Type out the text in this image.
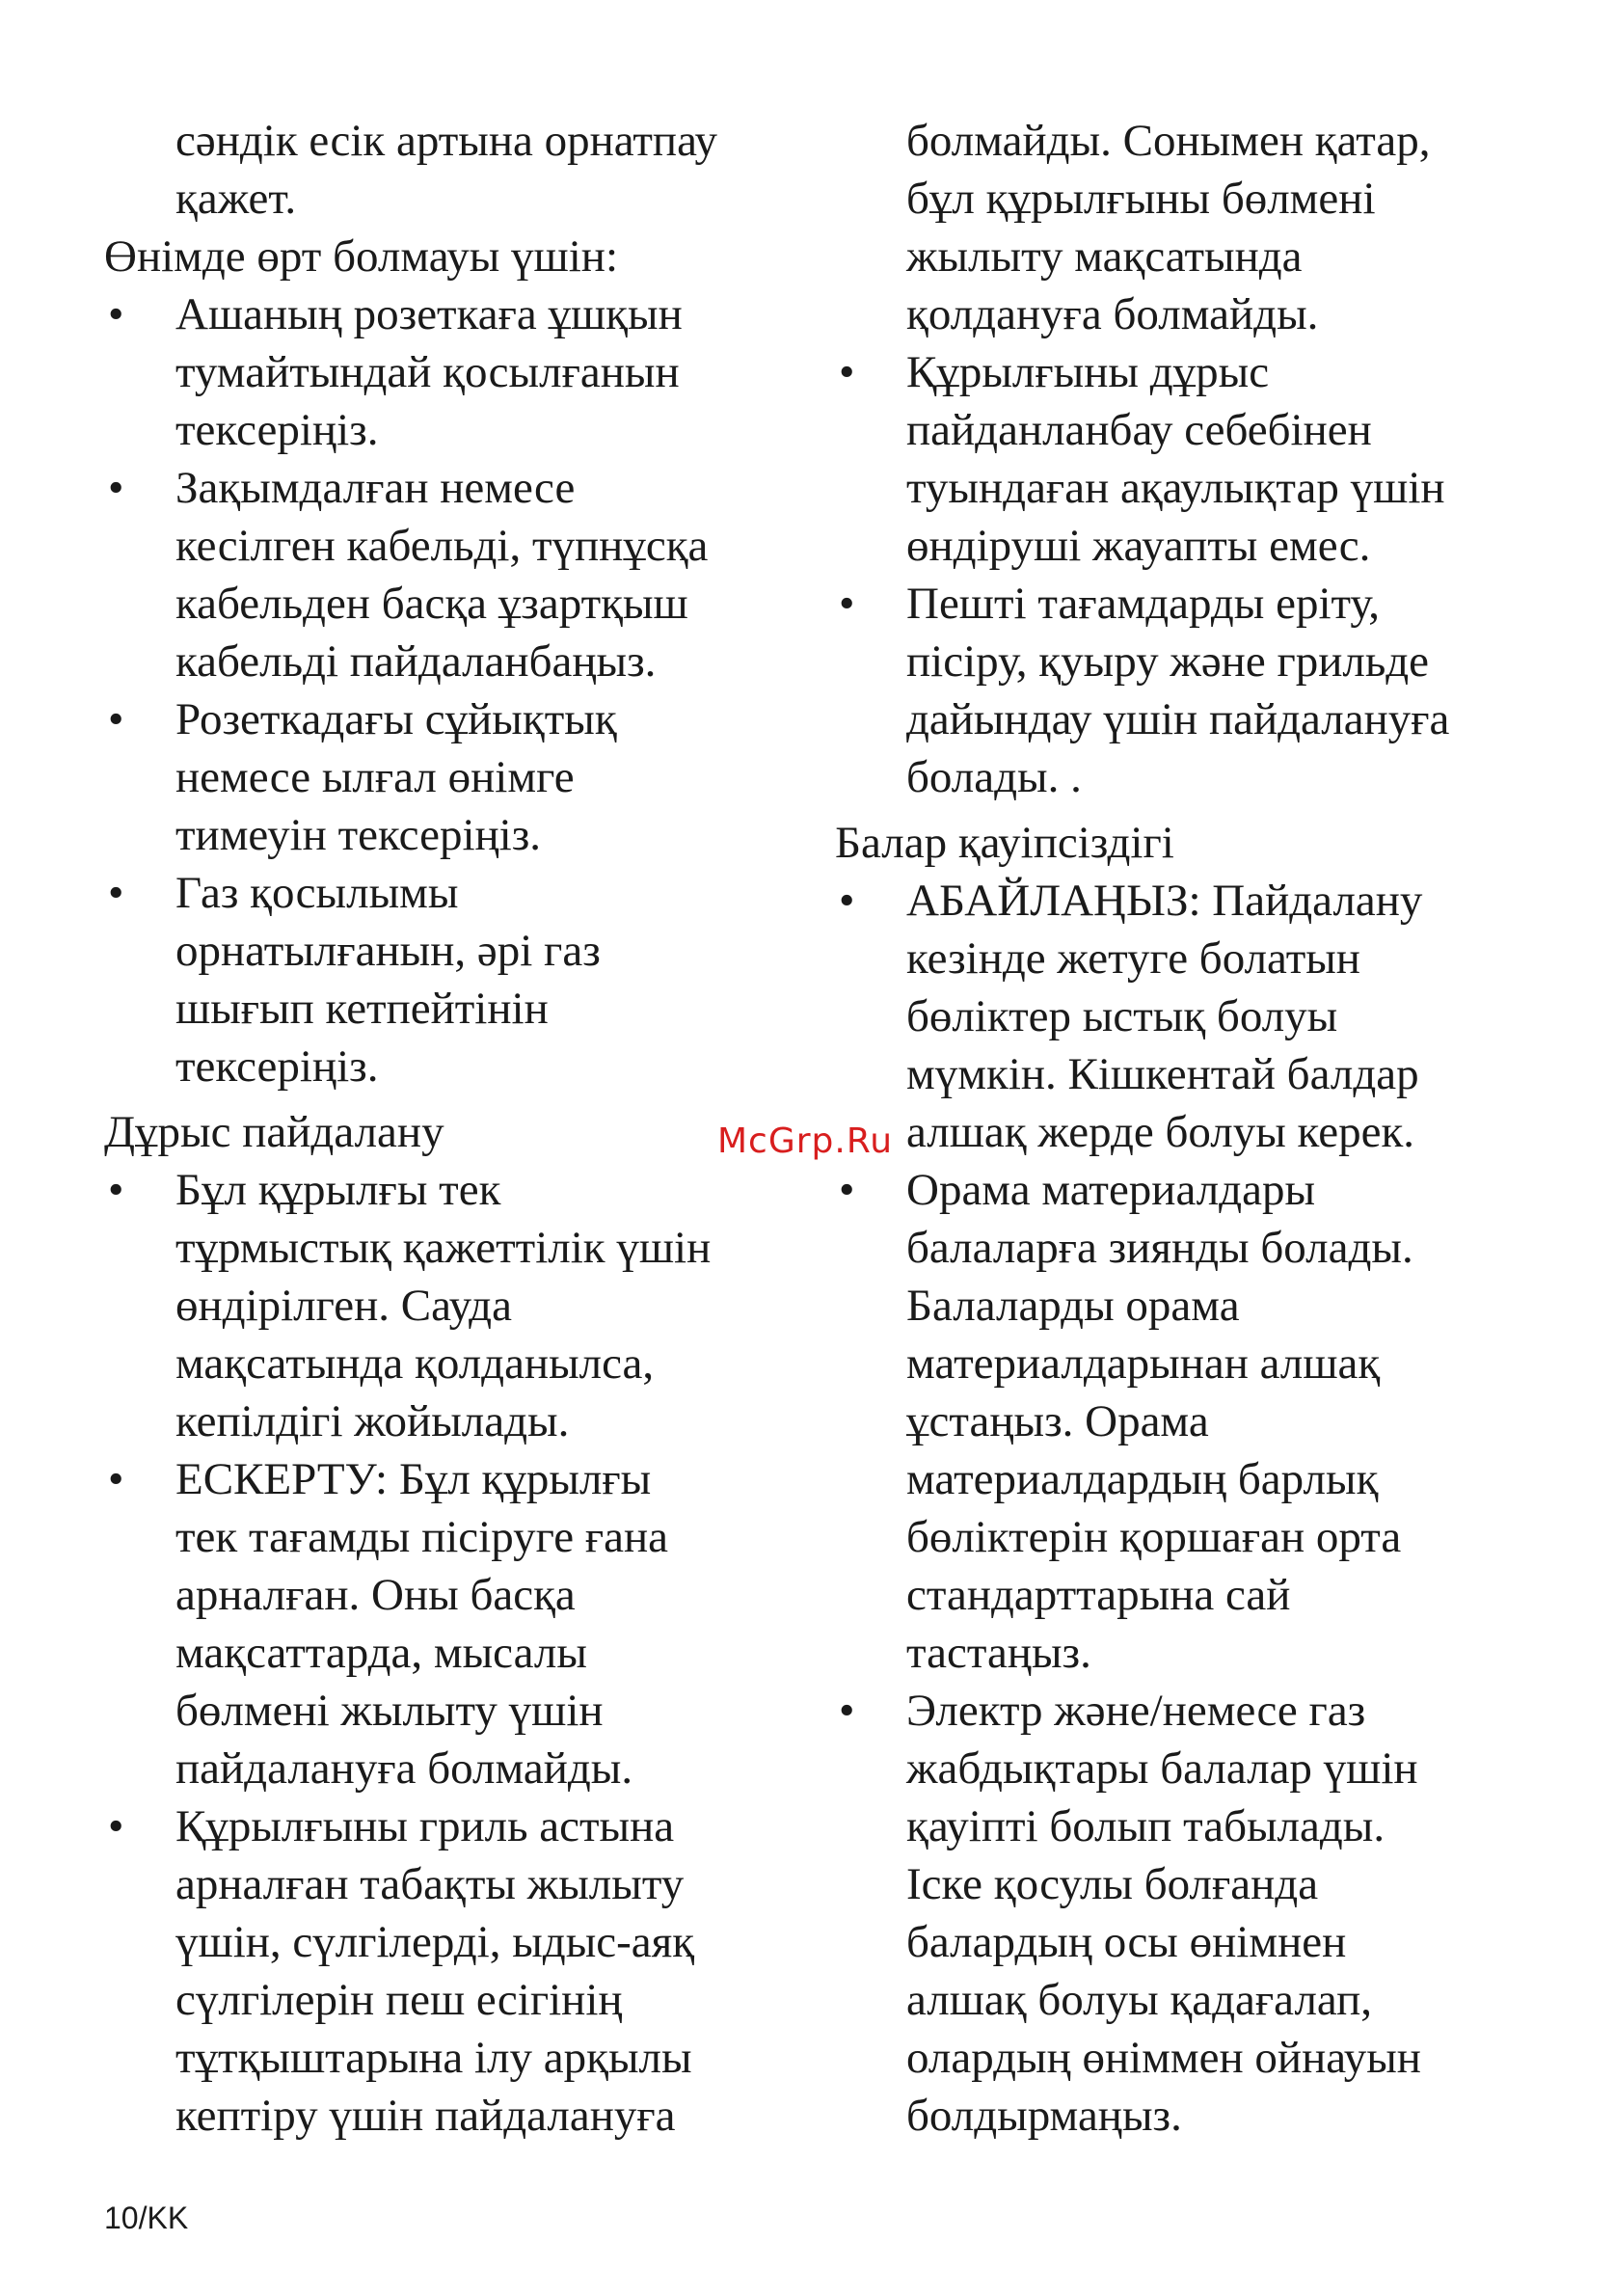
сәндік есік артына орнатпау
қажет.
Өнімде өрт болмауы үшін:
•	Ашаның розеткаға ұшқын
тумайтындай қосылғанын
тексеріңіз.
•	Зақымдалған немесе
кесілген кабельді, түпнұсқа
кабельден басқа ұзартқыш
кабельді пайдаланбаңыз.
•	Розеткадағы сұйықтық
немесе ылғал өнімге
тимеуін тексеріңіз.
•	Газ қосылымы
орнатылғанын, әрі газ
шығып кетпейтінін
тексеріңіз.
Дұрыс пайдалану
•	Бұл құрылғы тек
тұрмыстық қажеттілік үшін
өндірілген. Сауда
мақсатында қолданылса,
кепілдігі жойылады.
•	ЕСКЕРТУ: Бұл құрылғы
тек тағамды пісіруге ғана
арналған. Оны басқа
мақсаттарда, мысалы
бөлмені жылыту үшін
пайдалануға болмайды.
•	Құрылғыны гриль астына
арналған табақты жылыту
үшін, сүлгілерді, ыдыс-аяқ
сүлгілерін пеш есігінің
тұтқыштарына ілу арқылы
кептіру үшін пайдалануға
болмайды. Сонымен қатар,
бұл құрылғыны бөлмені
жылыту мақсатында
қолдануға болмайды.
•	Құрылғыны дұрыс
пайданланбау себебінен
туындаған ақаулықтар үшін
өндіруші жауапты емес.
•	Пешті тағамдарды еріту,
пісіру, қуыру және грильде
дайындау үшін пайдалануға
болады. .
Балар қауіпсіздігі
•	АБАЙЛАҢЫЗ: Пайдалану
кезінде жетуге болатын
бөліктер ыстық болуы
мүмкін. Кішкентай балдар
алшақ жерде болуы керек.
•	Орама материалдары
балаларға зиянды болады.
Балаларды орама
материалдарынан алшақ
ұстаңыз. Орама
материалдардың барлық
бөліктерін қоршаған орта
стандарттарына сай
тастаңыз.
•	Электр және/немесе газ
жабдықтары балалар үшін
қауіпті болып табылады.
Іске қосулы болғанда
балардың осы өнімнен
алшақ болуы қадағалап,
олардың өніммен ойнауын
болдырмаңыз.
McGrp.Ru
10/KK
